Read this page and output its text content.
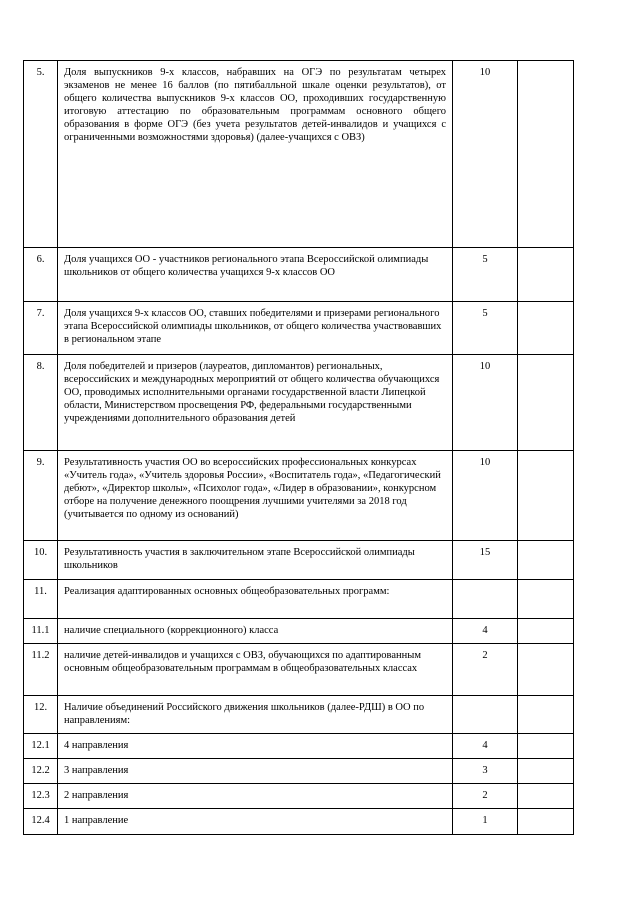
5.	Доля выпускников 9-х классов, набравших на ОГЭ по результатам четырех экзаменов не менее 16 баллов (по пятибалльной шкале оценки результатов), от общего количества выпускников 9-х классов ОО, проходивших государственную итоговую аттестацию по образовательным программам основного общего образования в форме ОГЭ (без учета результатов детей-инвалидов и учащихся с ограниченными возможностями здоровья) (далее-учащихся с ОВЗ)	10	
6.	Доля учащихся ОО - участников регионального этапа Всероссийской олимпиады школьников от общего количества учащихся 9-х классов ОО	5	
7.	Доля учащихся 9-х классов ОО, ставших победителями и призерами регионального этапа Всероссийской олимпиады школьников, от общего количества участвовавших в региональном этапе	5	
8.	Доля победителей и призеров (лауреатов, дипломантов) региональных, всероссийских и международных мероприятий от общего количества обучающихся ОО, проводимых исполнительными органами государственной власти Липецкой области, Министерством просвещения РФ, федеральными государственными учреждениями дополнительного образования детей	10	
9.	Результативность участия ОО во всероссийских профессиональных конкурсах «Учитель года», «Учитель здоровья России», «Воспитатель года», «Педагогический дебют», «Директор школы», «Психолог года», «Лидер в образовании», конкурсном отборе на получение денежного поощрения лучшими учителями за 2018 год (учитывается по одному из оснований)	10	
10.	Результативность участия в заключительном этапе Всероссийской олимпиады школьников	15	
11.	Реализация адаптированных основных общеобразовательных программ:		
11.1	наличие специального (коррекционного) класса	4	
11.2	наличие детей-инвалидов и учащихся с ОВЗ, обучающихся по адаптированным основным общеобразовательным программам в общеобразовательных классах	2	
12.	Наличие объединений Российского движения школьников (далее-РДШ) в ОО по направлениям:		
12.1	4 направления	4	
12.2	3 направления	3	
12.3	2 направления	2	
12.4	1 направление	1	
